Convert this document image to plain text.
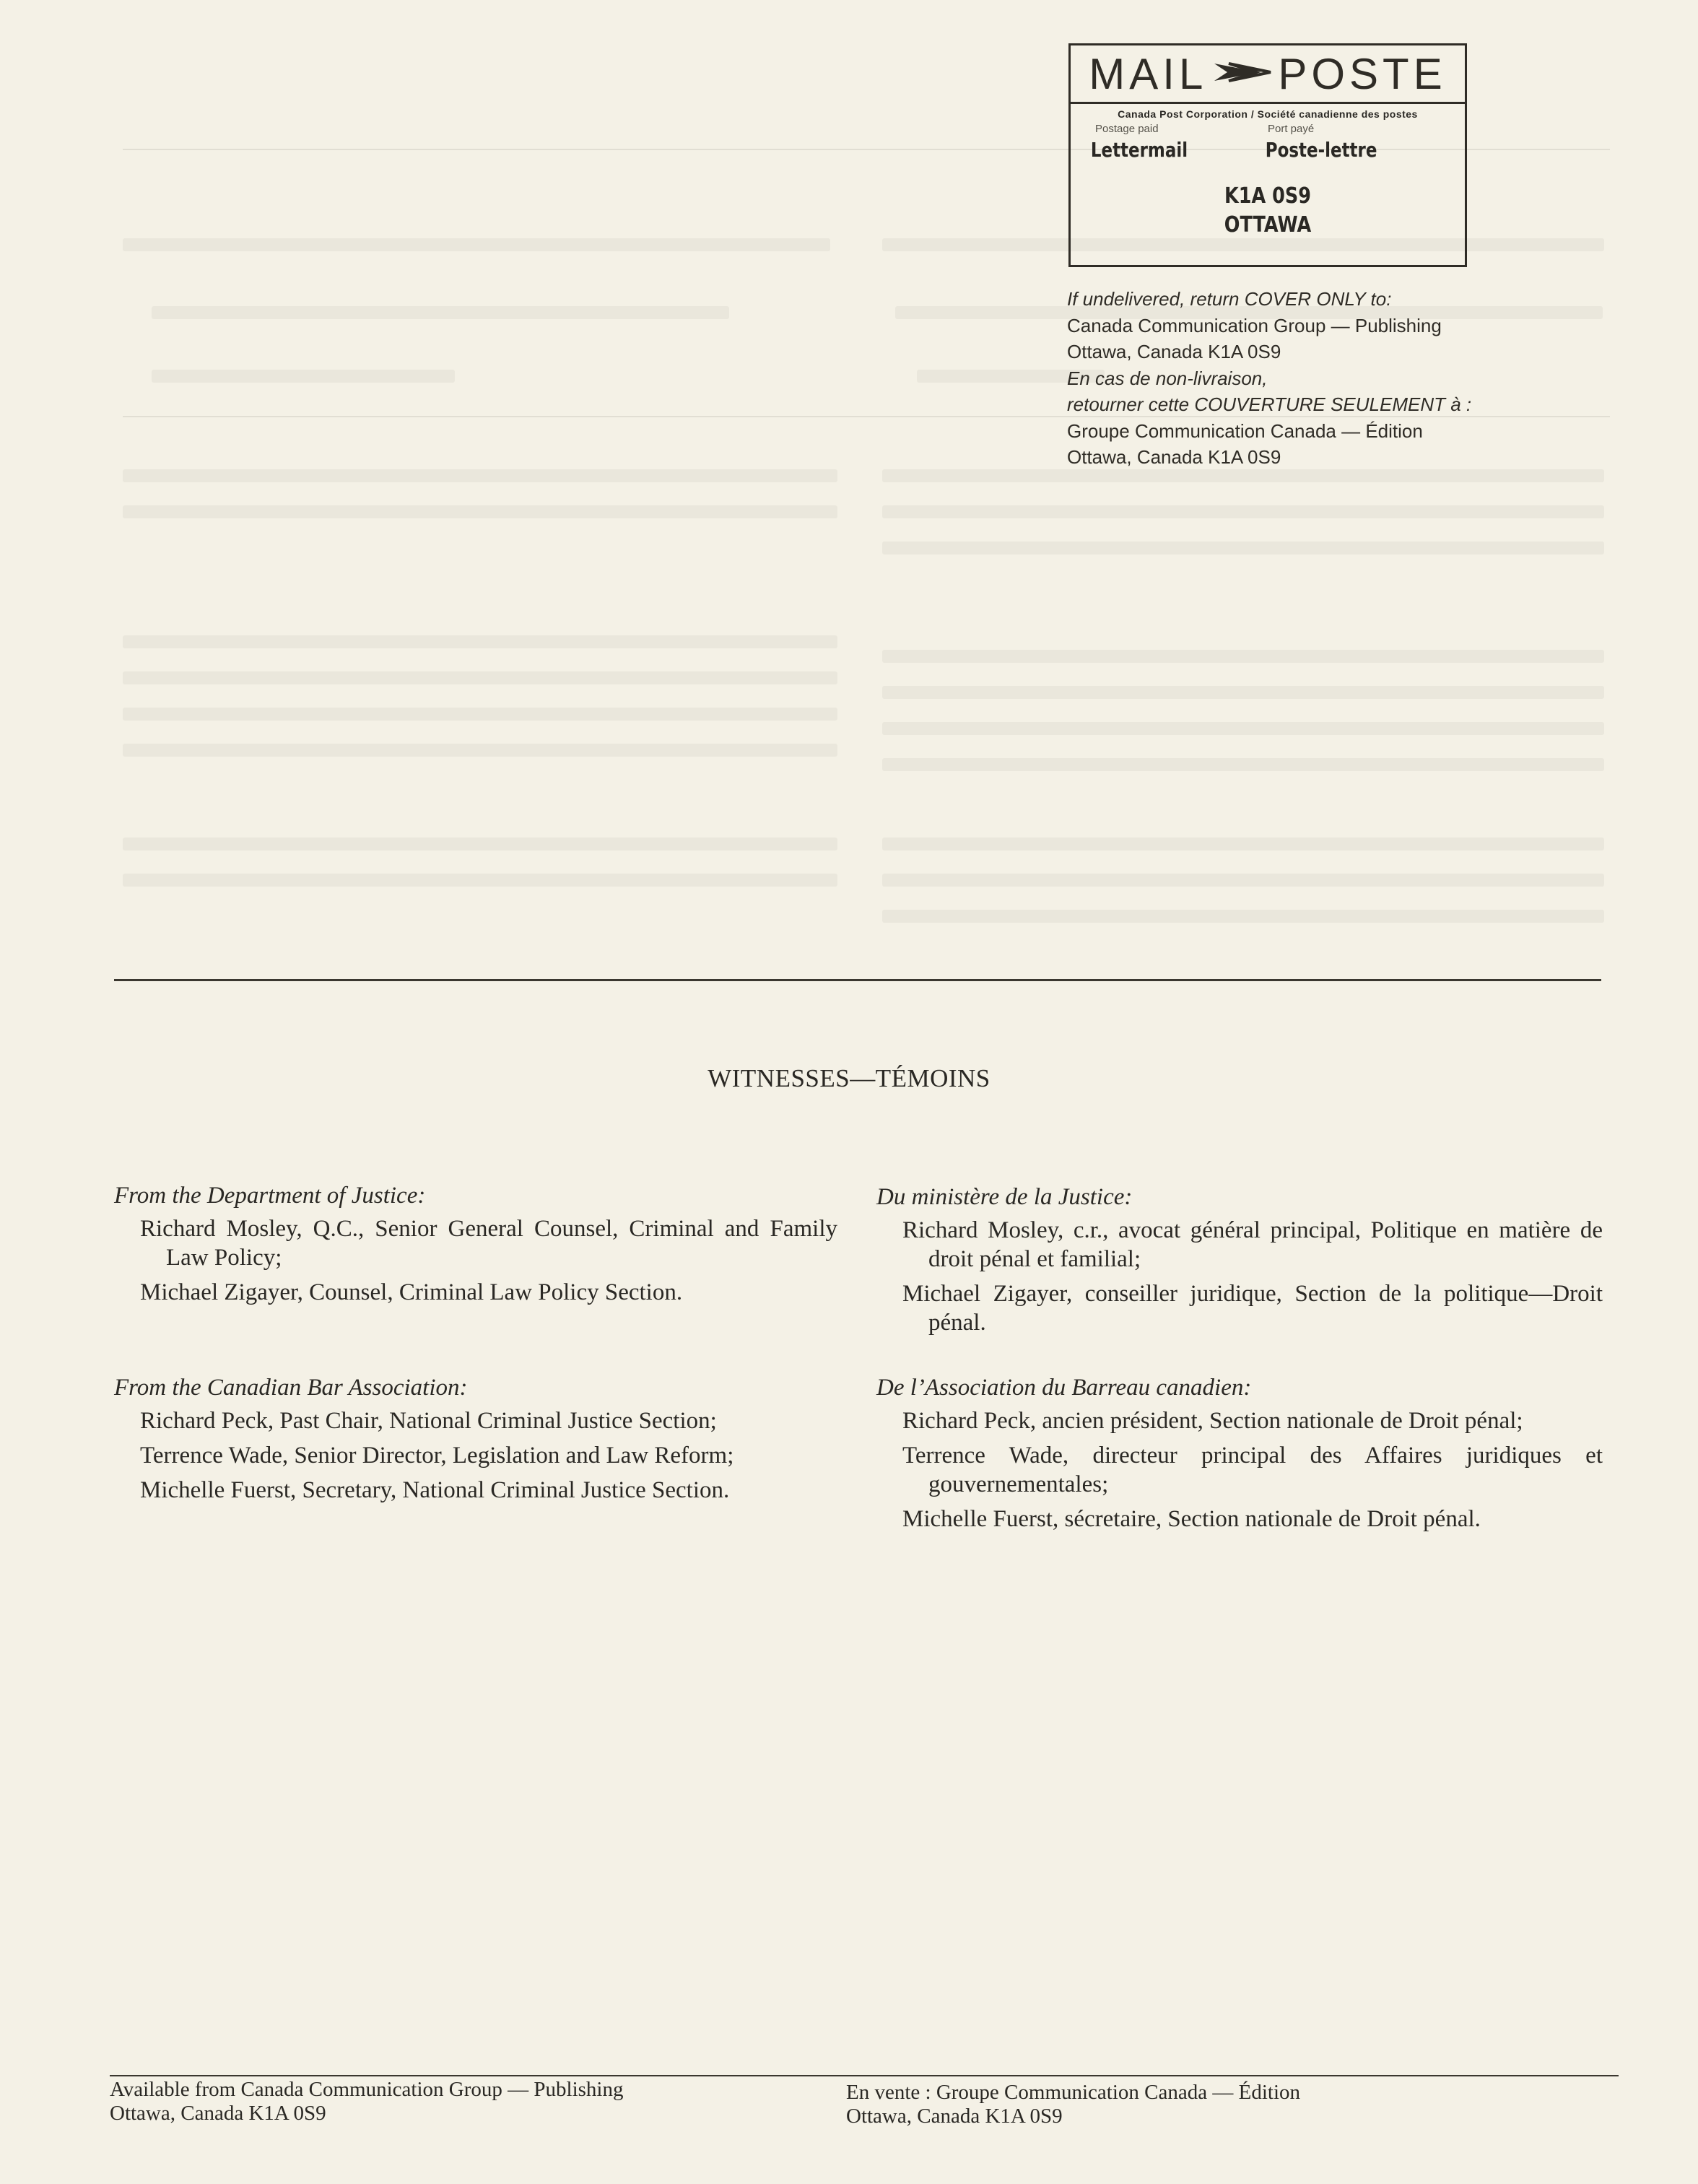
MAIL POSTE
Canada Post Corporation / Société canadienne des postes
Postage paid	Port payé
Lettermail	Poste-lettre
K1A 0S9
OTTAWA
If undelivered, return COVER ONLY to:
Canada Communication Group — Publishing
Ottawa, Canada K1A 0S9
En cas de non-livraison,
retourner cette COUVERTURE SEULEMENT à :
Groupe Communication Canada — Édition
Ottawa, Canada K1A 0S9
WITNESSES—TÉMOINS
From the Department of Justice:
Richard Mosley, Q.C., Senior General Counsel, Criminal and Family Law Policy;
Michael Zigayer, Counsel, Criminal Law Policy Section.
From the Canadian Bar Association:
Richard Peck, Past Chair, National Criminal Justice Section;
Terrence Wade, Senior Director, Legislation and Law Reform;
Michelle Fuerst, Secretary, National Criminal Justice Section.
Du ministère de la Justice:
Richard Mosley, c.r., avocat général principal, Politique en matière de droit pénal et familial;
Michael Zigayer, conseiller juridique, Section de la politique—Droit pénal.
De l’Association du Barreau canadien:
Richard Peck, ancien président, Section nationale de Droit pénal;
Terrence Wade, directeur principal des Affaires juridiques et gouvernementales;
Michelle Fuerst, sécretaire, Section nationale de Droit pénal.
Available from Canada Communication Group — Publishing
Ottawa, Canada K1A 0S9
En vente : Groupe Communication Canada — Édition
Ottawa, Canada K1A 0S9
